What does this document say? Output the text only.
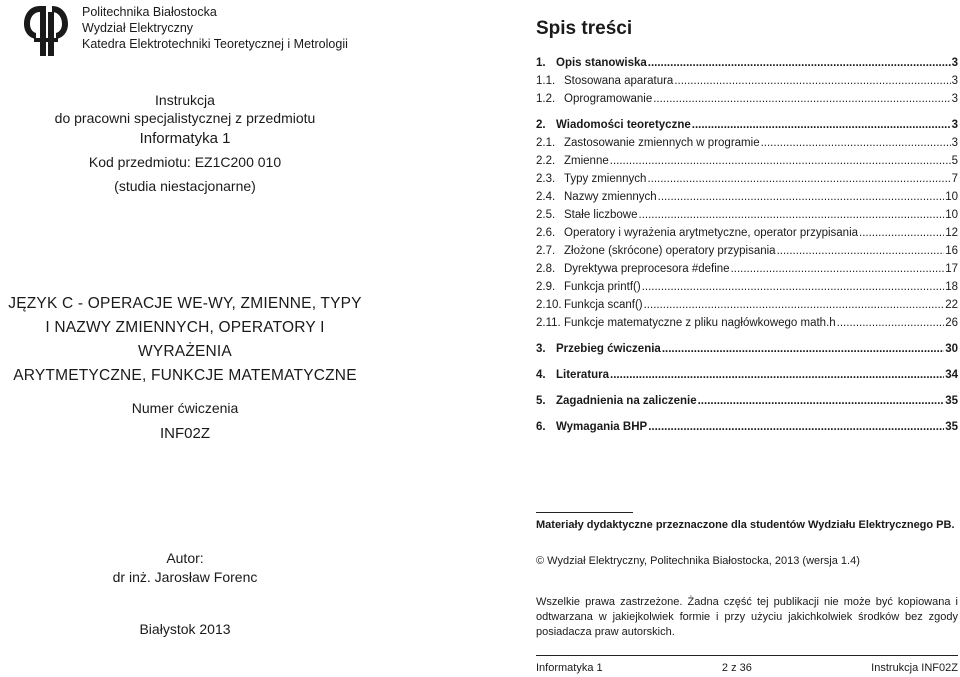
Politechnika Białostocka
Wydział Elektryczny
Katedra Elektrotechniki Teoretycznej i Metrologii
Instrukcja
do pracowni specjalistycznej z przedmiotu
Informatyka 1
Kod przedmiotu: EZ1C200 010
(studia niestacjonarne)
JĘZYK C - OPERACJE WE-WY, ZMIENNE, TYPY
I NAZWY ZMIENNYCH, OPERATORY I WYRAŻENIA
ARYTMETYCZNE, FUNKCJE MATEMATYCZNE
Numer ćwiczenia
INF02Z
Autor:
dr inż. Jarosław Forenc
Białystok 2013
Spis treści
1. Opis stanowiska .....	3
1.1. Stosowana aparatura .....	3
1.2. Oprogramowanie .....	3
2. Wiadomości teoretyczne .....	3
2.1. Zastosowanie zmiennych w programie .....	3
2.2. Zmienne .....	5
2.3. Typy zmiennych .....	7
2.4. Nazwy zmiennych .....	10
2.5. Stałe liczbowe .....	10
2.6. Operatory i wyrażenia arytmetyczne, operator przypisania .....	12
2.7. Złożone (skrócone) operatory przypisania .....	16
2.8. Dyrektywa preprocesora #define .....	17
2.9. Funkcja printf() .....	18
2.10. Funkcja scanf() .....	22
2.11. Funkcje matematyczne z pliku nagłówkowego math.h .....	26
3. Przebieg ćwiczenia .....	30
4. Literatura .....	34
5. Zagadnienia na zaliczenie .....	35
6. Wymagania BHP .....	35
Materiały dydaktyczne przeznaczone dla studentów Wydziału Elektrycznego PB.
© Wydział Elektryczny, Politechnika Białostocka, 2013 (wersja 1.4)
Wszelkie prawa zastrzeżone. Żadna część tej publikacji nie może być kopiowana i odtwarzana w jakiejkolwiek formie i przy użyciu jakichkolwiek środków bez zgody posiadacza praw autorskich.
Informatyka 1	2 z 36	Instrukcja INF02Z
